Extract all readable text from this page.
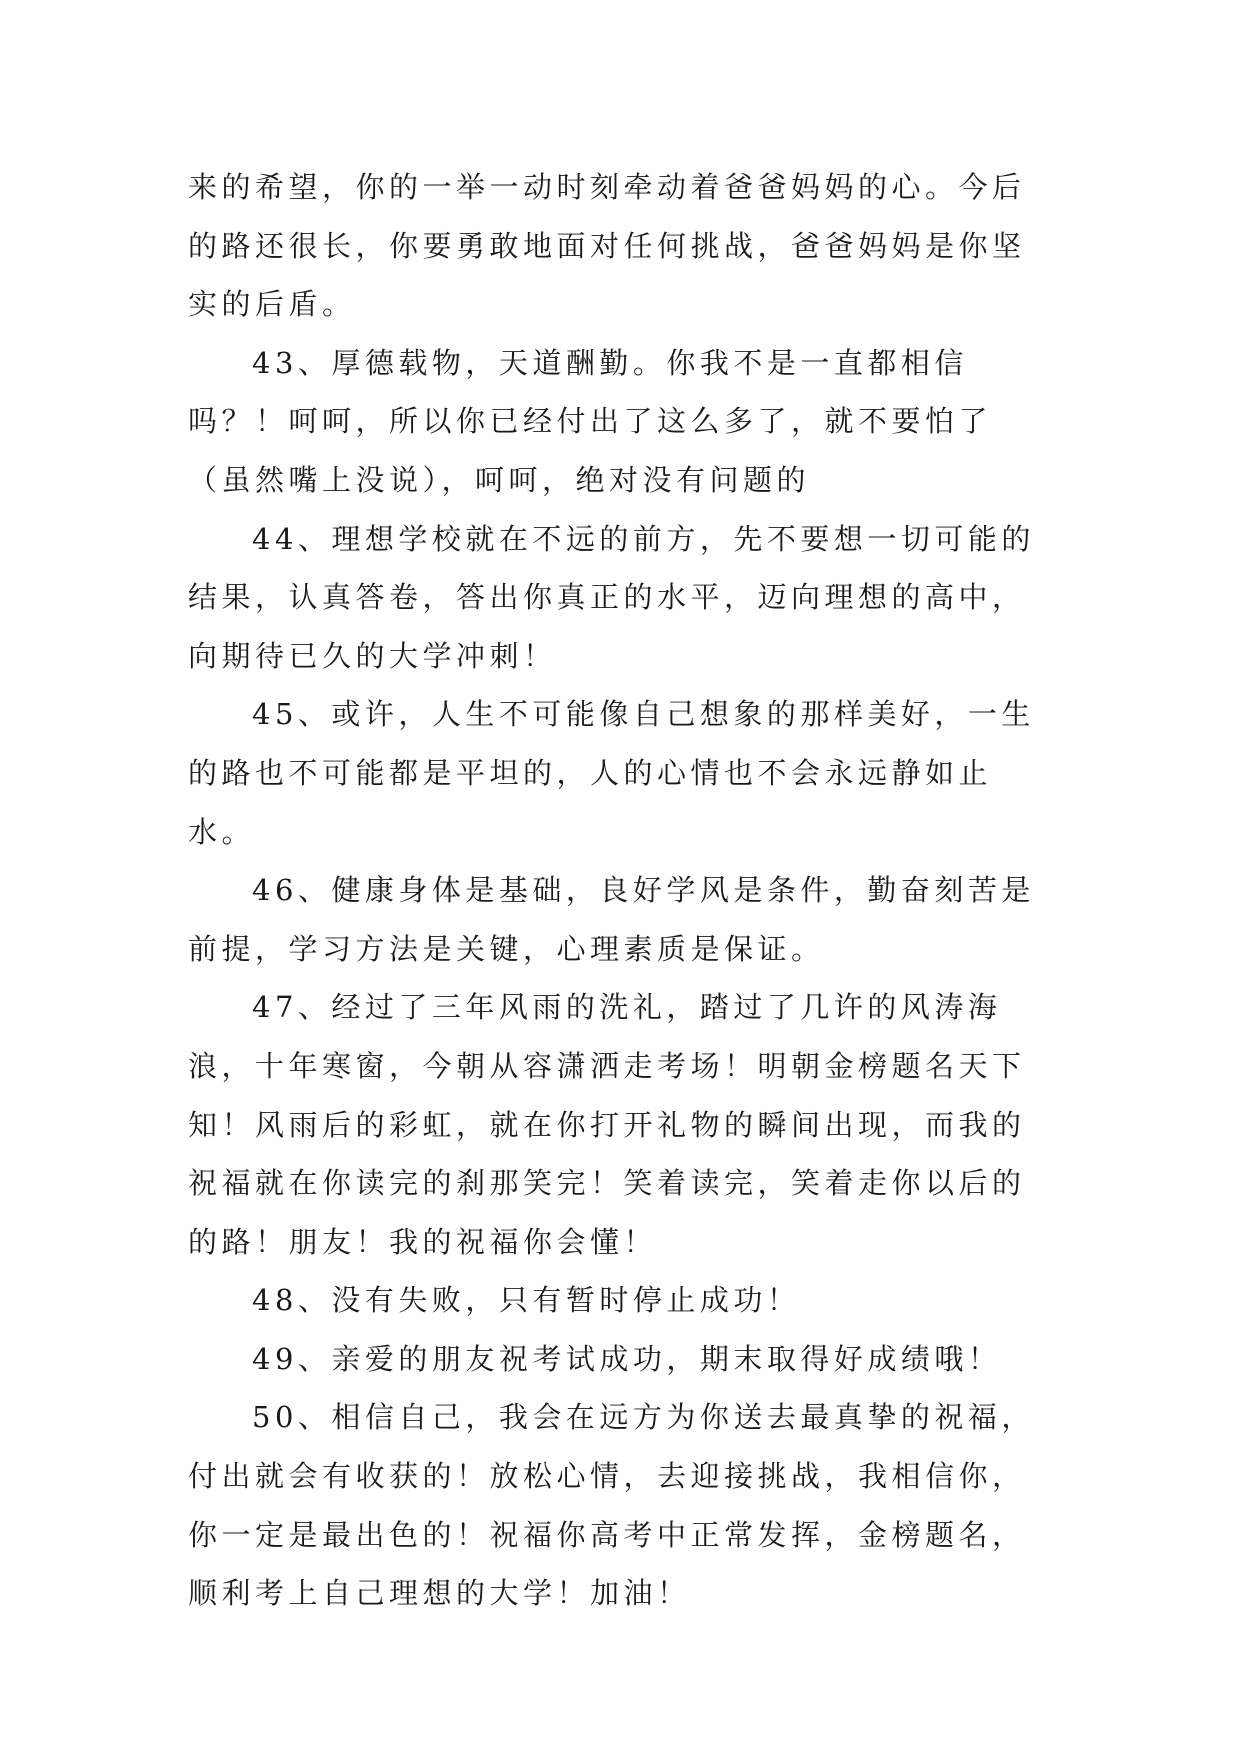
来的希望，你的一举一动时刻牵动着爸爸妈妈的心。今后的路还很长，你要勇敢地面对任何挑战，爸爸妈妈是你坚实的后盾。

43、厚德载物，天道酬勤。你我不是一直都相信吗？！呵呵，所以你已经付出了这么多了，就不要怕了（虽然嘴上没说），呵呵，绝对没有问题的

44、理想学校就在不远的前方，先不要想一切可能的结果，认真答卷，答出你真正的水平，迈向理想的高中，向期待已久的大学冲刺！

45、或许，人生不可能像自己想象的那样美好，一生的路也不可能都是平坦的，人的心情也不会永远静如止水。

46、健康身体是基础，良好学风是条件，勤奋刻苦是前提，学习方法是关键，心理素质是保证。

47、经过了三年风雨的洗礼，踏过了几许的风涛海浪，十年寒窗，今朝从容潇洒走考场！明朝金榜题名天下知！风雨后的彩虹，就在你打开礼物的瞬间出现，而我的祝福就在你读完的刹那笑完！笑着读完，笑着走你以后的的路！朋友！我的祝福你会懂！

48、没有失败，只有暂时停止成功！

49、亲爱的朋友祝考试成功，期末取得好成绩哦！

50、相信自己，我会在远方为你送去最真挚的祝福，付出就会有收获的！放松心情，去迎接挑战，我相信你，你一定是最出色的！祝福你高考中正常发挥，金榜题名，顺利考上自己理想的大学！加油！
